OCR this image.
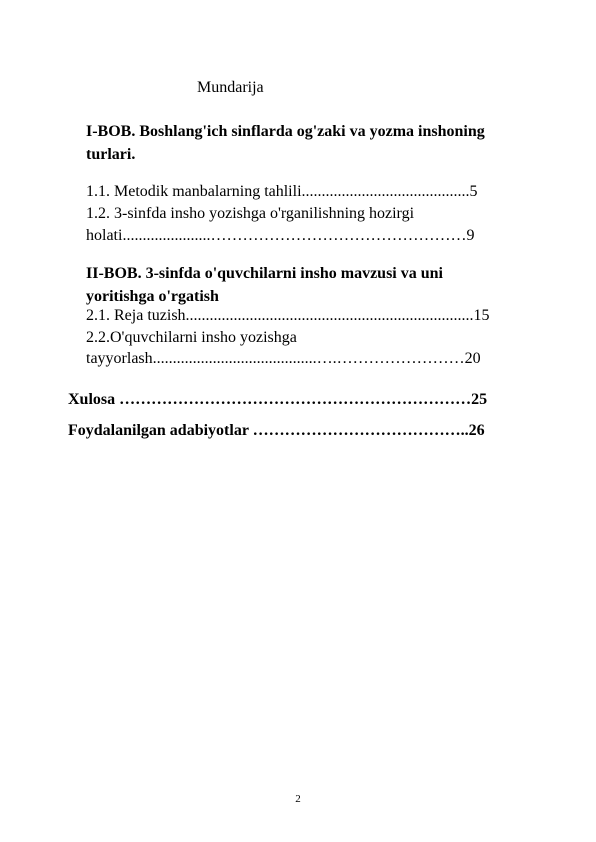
Mundarija
I-BOB. Boshlang'ich sinflarda og'zaki va yozma inshoning
turlari.
1.1. Metodik manbalarning tahlili..........................................5
1.2. 3-sinfda insho yozishga o'rganilishning hozirgi
holati......................…………………………………………9
II-BOB. 3-sinfda o'quvchilarni insho mavzusi va uni
yoritishga o'rgatish
2.1. Reja tuzish........................................................................15
2.2.O'quvchilarni insho yozishga
tayyorlash.........................................….……………………20
Xulosa …………………………………………………………25
Foydalanilgan adabiyotlar …………………………………..26
2
